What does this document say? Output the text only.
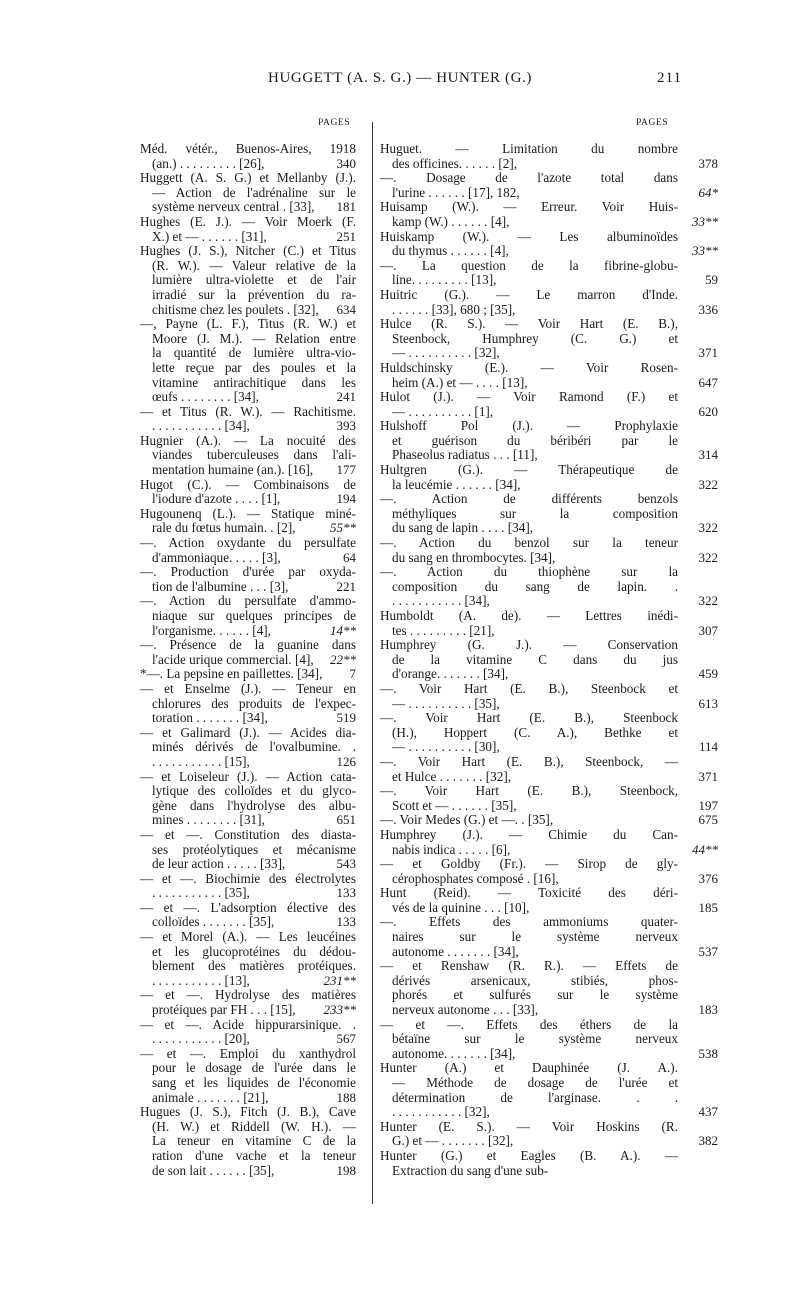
HUGGETT (A. S. G.) — HUNTER (G.)	211
PAGES	PAGES
Méd. vétér., Buenos-Aires, 1918
(an.) . . . . . . . . . [26],	340
Huggett (A. S. G.) et Mellanby (J.).
— Action de l'adrénaline sur le
système nerveux central . [33],	181
Hughes (E. J.). — Voir Moerk (F.
X.) et — . . . . . . [31],	251
Hughes (J. S.), Nitcher (C.) et Titus
(R. W.). — Valeur relative de la
lumière ultra-violette et de l'air
irradié sur la prévention du ra-
chitisme chez les poulets . [32],	634
—, Payne (L. F.), Titus (R. W.) et
Moore (J. M.). — Relation entre
la quantité de lumière ultra-vio-
lette reçue par des poules et la
vitamine antirachitique dans les
œufs . . . . . . . . [34],	241
— et Titus (R. W.). — Rachitisme.
. . . . . . . . . . . [34],	393
Hugnier (A.). — La nocuité des
viandes tuberculeuses dans l'ali-
mentation humaine (an.). [16],	177
Hugot (C.). — Combinaisons de
l'iodure d'azote . . . . [1],	194
Hugounenq (L.). — Statique miné-
rale du fœtus humain. . [2],	55**
—. Action oxydante du persulfate
d'ammoniaque. . . . . [3],	64
—. Production d'urée par oxyda-
tion de l'albumine . . . [3],	221
—. Action du persulfate d'ammo-
niaque sur quelques principes de
l'organisme. . . . . . [4],	14**
—. Présence de la guanine dans
l'acide urique commercial. [4],	22**
*—. La pepsine en paillettes. [34],	7
— et Enselme (J.). — Teneur en
chlorures des produits de l'expec-
toration . . . . . . . [34],	519
— et Galimard (J.). — Acides dia-
minés dérivés de l'ovalbumine. .
. . . . . . . . . . . [15],	126
— et Loiseleur (J.). — Action cata-
lytique des colloïdes et du glyco-
gène dans l'hydrolyse des albu-
mines . . . . . . . . [31],	651
— et —. Constitution des diasta-
ses protéolytiques et mécanisme
de leur action . . . . . [33],	543
— et —. Biochimie des électrolytes
. . . . . . . . . . . [35],	133
— et —. L'adsorption élective des
colloïdes . . . . . . . [35],	133
— et Morel (A.). — Les leucéines
et les glucoprotéines du dédou-
blement des matières protéiques.
. . . . . . . . . . . [13],	231**
— et —. Hydrolyse des matières
protéiques par FH . . . [15],	233**
— et —. Acide hippurarsinique. .
. . . . . . . . . . . [20],	567
— et —. Emploi du xanthydrol
pour le dosage de l'urée dans le
sang et les liquides de l'économie
animale . . . . . . . [21],	188
Hugues (J. S.), Fitch (J. B.), Cave
(H. W.) et Riddell (W. H.). —
La teneur en vitamine C de la
ration d'une vache et la teneur
de son lait . . . . . . [35],	198
Huguet. — Limitation du nombre
des officines. . . . . . [2],	378
—. Dosage de l'azote total dans
l'urine . . . . . . [17], 182,	64*
Huisamp (W.). — Erreur. Voir Huis-
kamp (W.) . . . . . . [4],	33**
Huiskamp (W.). — Les albuminoïdes
du thymus . . . . . . [4],	33**
—. La question de la fibrine-globu-
line. . . . . . . . . [13],	59
Huitric (G.). — Le marron d'Inde.
. . . . . . [33], 680 ; [35],	336
Hulce (R. S.). — Voir Hart (E. B.),
Steenbock, Humphrey (C. G.) et
— . . . . . . . . . . [32],	371
Huldschinsky (E.). — Voir Rosen-
heim (A.) et — . . . . [13],	647
Hulot (J.). — Voir Ramond (F.) et
— . . . . . . . . . . [1],	620
Hulshoff Pol (J.). — Prophylaxie
et guérison du béribéri par le
Phaseolus radiatus . . . [11],	314
Hultgren (G.). — Thérapeutique de
la leucémie . . . . . . [34],	322
—. Action de différents benzols
méthyliques sur la composition
du sang de lapin . . . . [34],	322
—. Action du benzol sur la teneur
du sang en thrombocytes. [34],	322
—. Action du thiophène sur la
composition du sang de lapin. .
. . . . . . . . . . . [34],	322
Humboldt (A. de). — Lettres inédi-
tes . . . . . . . . . [21],	307
Humphrey (G. J.). — Conservation
de la vitamine C dans du jus
d'orange. . . . . . . [34],	459
—. Voir Hart (E. B.), Steenbock et
— . . . . . . . . . . [35],	613
—. Voir Hart (E. B.), Steenbock
(H.), Hoppert (C. A.), Bethke et
— . . . . . . . . . . [30],	114
—. Voir Hart (E. B.), Steenbock, —
et Hulce . . . . . . . [32],	371
—. Voir Hart (E. B.), Steenbock,
Scott et — . . . . . . [35],	197
—. Voir Medes (G.) et —. . [35],	675
Humphrey (J.). — Chimie du Can-
nabis indica . . . . . [6],	44**
— et Goldby (Fr.). — Sirop de gly-
cérophosphates composé . [16],	376
Hunt (Reid). — Toxicité des déri-
vés de la quinine . . . [10],	185
—. Effets des ammoniums quater-
naires sur le système nerveux
autonome . . . . . . . [34],	537
— et Renshaw (R. R.). — Effets de
dérivés arsenicaux, stibiés, phos-
phorés et sulfurés sur le système
nerveux autonome . . . [33],	183
— et —. Effets des éthers de la
bétaïne sur le système nerveux
autonome. . . . . . . [34],	538
Hunter (A.) et Dauphinée (J. A.).
— Méthode de dosage de l'urée et
détermination de l'arginase. . .
. . . . . . . . . . . [32],	437
Hunter (E. S.). — Voir Hoskins (R.
G.) et — . . . . . . . [32],	382
Hunter (G.) et Eagles (B. A.). —
Extraction du sang d'une sub-
